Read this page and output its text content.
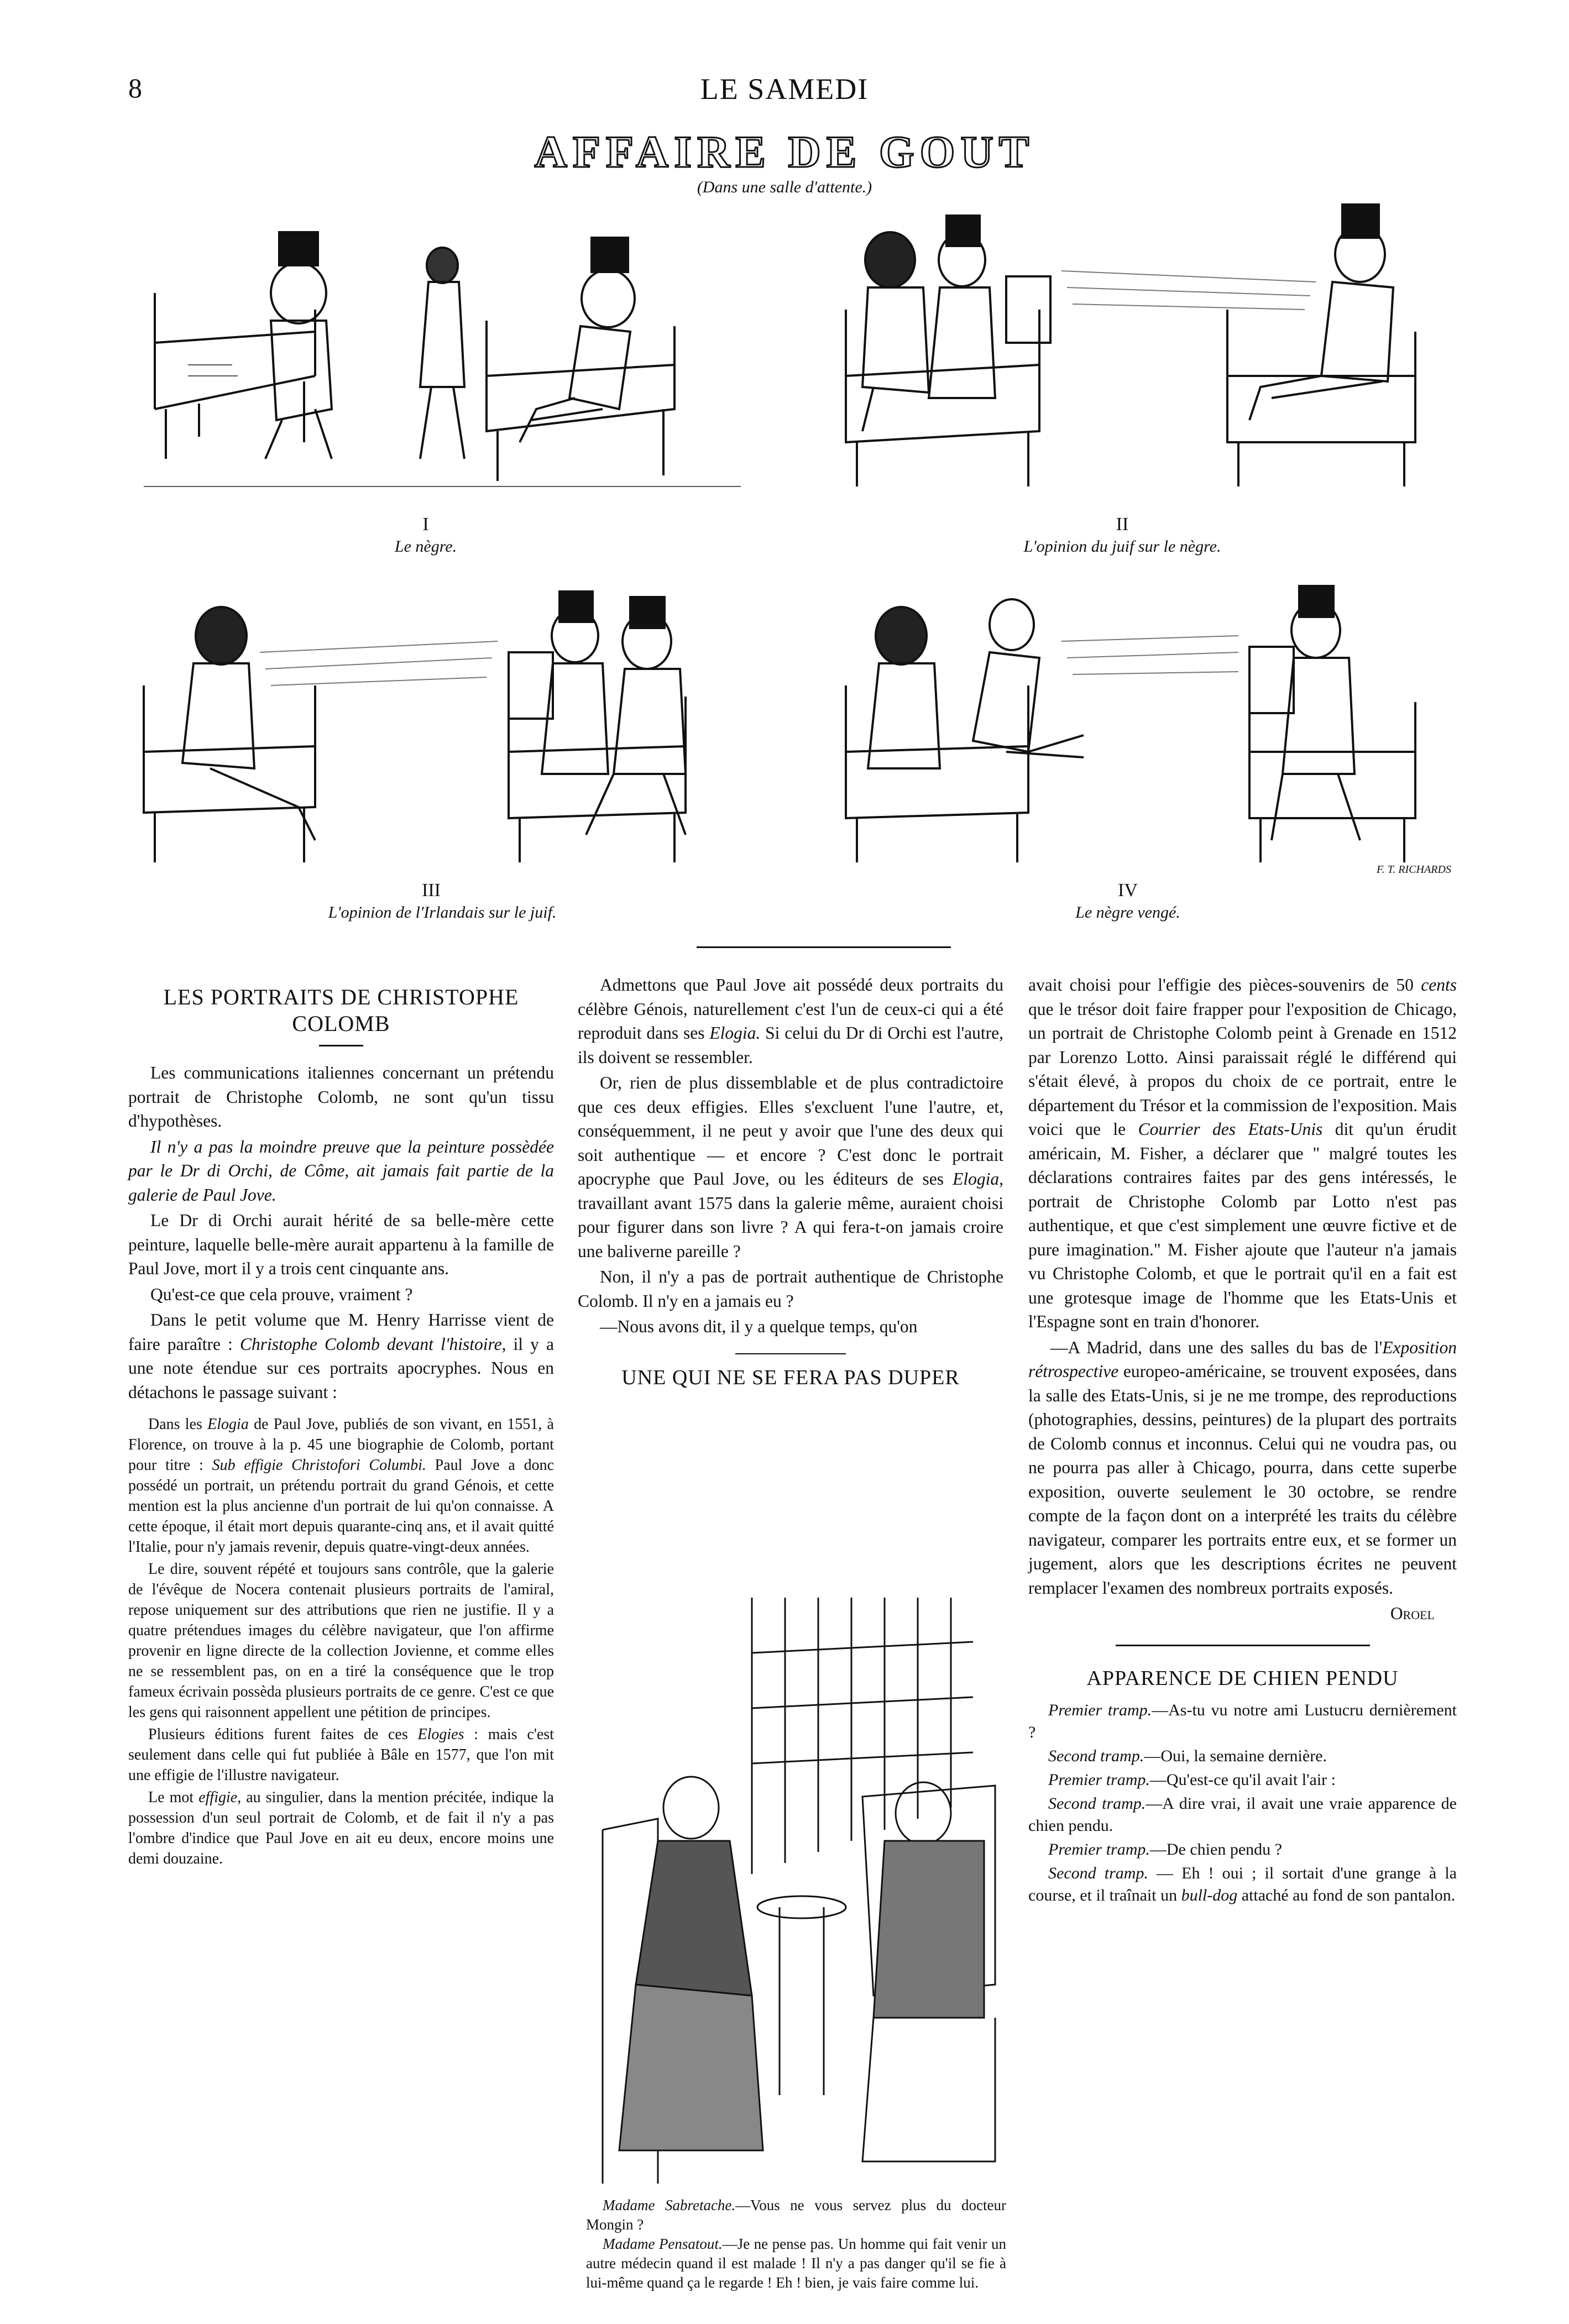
8	LE SAMEDI
AFFAIRE DE GOUT
(Dans une salle d'attente.)
I
Le nègre.
II
L'opinion du juif sur le nègre.
III
L'opinion de l'Irlandais sur le juif.
F. T. RICHARDS
IV
Le nègre vengé.

LES PORTRAITS DE CHRISTOPHE COLOMB

Les communications italiennes concernant un prétendu portrait de Christophe Colomb, ne sont qu'un tissu d'hypothèses.

Il n'y a pas la moindre preuve que la peinture possèdée par le Dr di Orchi, de Côme, ait jamais fait partie de la galerie de Paul Jove.

Le Dr di Orchi aurait hérité de sa belle-mère cette peinture, laquelle belle-mère aurait appartenu à la famille de Paul Jove, mort il y a trois cent cinquante ans.

Qu'est-ce que cela prouve, vraiment ?

Dans le petit volume que M. Henry Harrisse vient de faire paraître : Christophe Colomb devant l'histoire, il y a une note étendue sur ces portraits apocryphes. Nous en détachons le passage suivant :

Dans les Elogia de Paul Jove, publiés de son vivant, en 1551, à Florence, on trouve à la p. 45 une biographie de Colomb, portant pour titre : Sub effigie Christofori Columbi. Paul Jove a donc possédé un portrait, un prétendu portrait du grand Génois, et cette mention est la plus ancienne d'un portrait de lui qu'on connaisse. A cette époque, il était mort depuis quarante-cinq ans, et il avait quitté l'Italie, pour n'y jamais revenir, depuis quatre-vingt-deux années.

Le dire, souvent répété et toujours sans contrôle, que la galerie de l'évêque de Nocera contenait plusieurs portraits de l'amiral, repose uniquement sur des attributions que rien ne justifie. Il y a quatre prétendues images du célèbre navigateur, que l'on affirme provenir en ligne directe de la collection Jovienne, et comme elles ne se ressemblent pas, on en a tiré la conséquence que le trop fameux écrivain possèda plusieurs portraits de ce genre. C'est ce que les gens qui raisonnent appellent une pétition de principes.

Plusieurs éditions furent faites de ces Elogies : mais c'est seulement dans celle qui fut publiée à Bâle en 1577, que l'on mit une effigie de l'illustre navigateur.

Le mot effigie, au singulier, dans la mention précitée, indique la possession d'un seul portrait de Colomb, et de fait il n'y a pas l'ombre d'indice que Paul Jove en ait eu deux, encore moins une demi douzaine.

Admettons que Paul Jove ait possédé deux portraits du célèbre Génois, naturellement c'est l'un de ceux-ci qui a été reproduit dans ses Elogia. Si celui du Dr di Orchi est l'autre, ils doivent se ressembler.

Or, rien de plus dissemblable et de plus contradictoire que ces deux effigies. Elles s'excluent l'une l'autre, et, conséquemment, il ne peut y avoir que l'une des deux qui soit authentique — et encore ? C'est donc le portrait apocryphe que Paul Jove, ou les éditeurs de ses Elogia, travaillant avant 1575 dans la galerie même, auraient choisi pour figurer dans son livre ? A qui fera-t-on jamais croire une baliverne pareille ?

Non, il n'y a pas de portrait authentique de Christophe Colomb. Il n'y en a jamais eu ?

—Nous avons dit, il y a quelque temps, qu'on

UNE QUI NE SE FERA PAS DUPER

Madame Sabretache.—Vous ne vous servez plus du docteur Mongin ?

Madame Pensatout.—Je ne pense pas. Un homme qui fait venir un autre médecin quand il est malade ! Il n'y a pas danger qu'il se fie à lui-même quand ça le regarde ! Eh ! bien, je vais faire comme lui.

avait choisi pour l'effigie des pièces-souvenirs de 50 cents que le trésor doit faire frapper pour l'exposition de Chicago, un portrait de Christophe Colomb peint à Grenade en 1512 par Lorenzo Lotto. Ainsi paraissait réglé le différend qui s'était élevé, à propos du choix de ce portrait, entre le département du Trésor et la commission de l'exposition. Mais voici que le Courrier des Etats-Unis dit qu'un érudit américain, M. Fisher, a déclarer que " malgré toutes les déclarations contraires faites par des gens intéressés, le portrait de Christophe Colomb par Lotto n'est pas authentique, et que c'est simplement une œuvre fictive et de pure imagination." M. Fisher ajoute que l'auteur n'a jamais vu Christophe Colomb, et que le portrait qu'il en a fait est une grotesque image de l'homme que les Etats-Unis et l'Espagne sont en train d'honorer.

—A Madrid, dans une des salles du bas de l'Exposition rétrospective europeo-américaine, se trouvent exposées, dans la salle des Etats-Unis, si je ne me trompe, des reproductions (photographies, dessins, peintures) de la plupart des portraits de Colomb connus et inconnus. Celui qui ne voudra pas, ou ne pourra pas aller à Chicago, pourra, dans cette superbe exposition, ouverte seulement le 30 octobre, se rendre compte de la façon dont on a interprété les traits du célèbre navigateur, comparer les portraits entre eux, et se former un jugement, alors que les descriptions écrites ne peuvent remplacer l'examen des nombreux portraits exposés.

Oroel

APPARENCE DE CHIEN PENDU

Premier tramp.—As-tu vu notre ami Lustucru dernièrement ?

Second tramp.—Oui, la semaine dernière.

Premier tramp.—Qu'est-ce qu'il avait l'air :

Second tramp.—A dire vrai, il avait une vraie apparence de chien pendu.

Premier tramp.—De chien pendu ?

Second tramp. — Eh ! oui ; il sortait d'une grange à la course, et il traînait un bull-dog attaché au fond de son pantalon.
